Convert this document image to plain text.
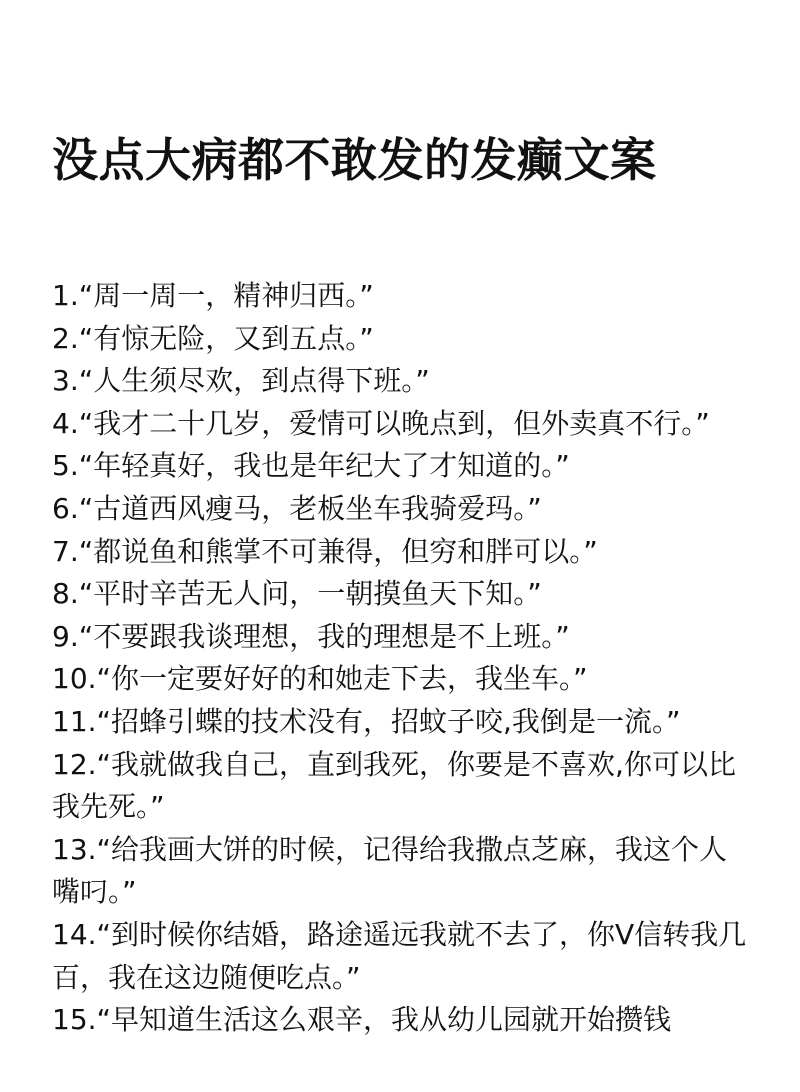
没点大病都不敢发的发癫文案
1.“周一周一，精神归西。”
2.“有惊无险，又到五点。”
3.“人生须尽欢，到点得下班。”
4.“我才二十几岁，爱情可以晚点到，但外卖真不行。”
5.“年轻真好，我也是年纪大了才知道的。”
6.“古道西风瘦马，老板坐车我骑爱玛。”
7.“都说鱼和熊掌不可兼得，但穷和胖可以。”
8.“平时辛苦无人问，一朝摸鱼天下知。”
9.“不要跟我谈理想，我的理想是不上班。”
10.“你一定要好好的和她走下去，我坐车。”
11.“招蜂引蝶的技术没有，招蚊子咬,我倒是一流。”
12.“我就做我自己，直到我死，你要是不喜欢,你可以比我先死。”
13.“给我画大饼的时候，记得给我撒点芝麻，我这个人嘴叼。”
14.“到时候你结婚，路途遥远我就不去了，你V信转我几百，我在这边随便吃点。”
15.“早知道生活这么艰辛，我从幼儿园就开始攒钱
